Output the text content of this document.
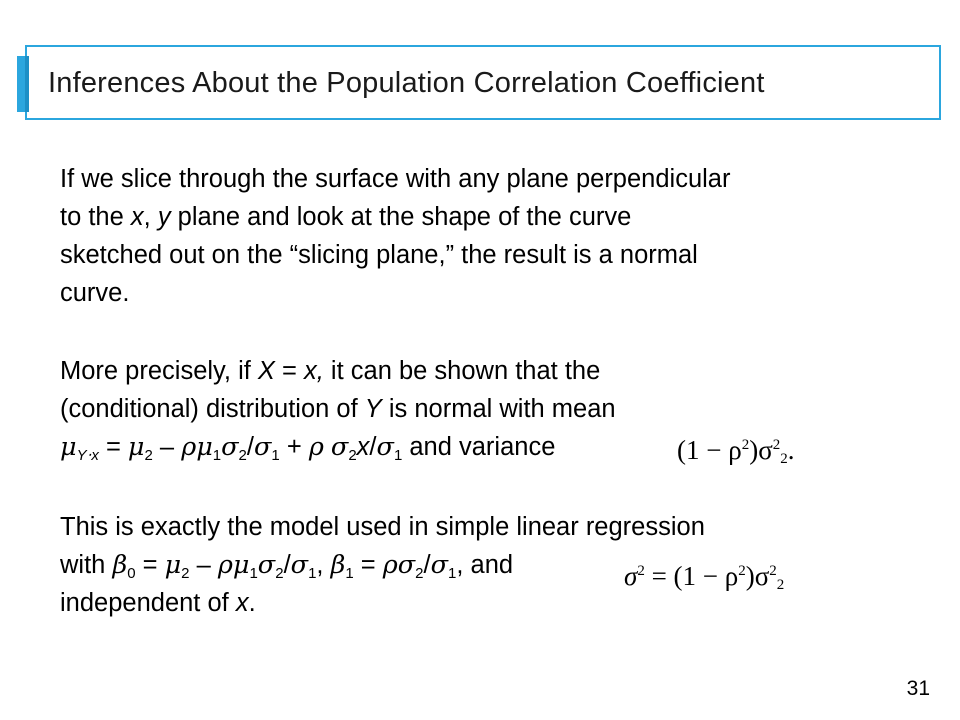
Inferences About the Population Correlation Coefficient
If we slice through the surface with any plane perpendicular
to the x, y plane and look at the shape of the curve
sketched out on the “slicing plane,” the result is a normal
curve.
More precisely, if X = x, it can be shown that the
(conditional) distribution of Y is normal with mean
$\mu_{Y\cdot x} = \mu_2 - \rho\mu_1\sigma_2/\sigma_1 + \rho$ $\sigma_2x/\sigma_1$ and variance	$(1 - \rho^2)\sigma^2_2$.
This is exactly the model used in simple linear regression
with $\beta_0 = \mu_2 - \rho\mu_1\sigma_2/\sigma_1$, $\beta_1 = \rho\sigma_2/\sigma_1$, and
independent of x.
$\sigma^2 = (1 - \rho^2)\sigma^2_2$
31
